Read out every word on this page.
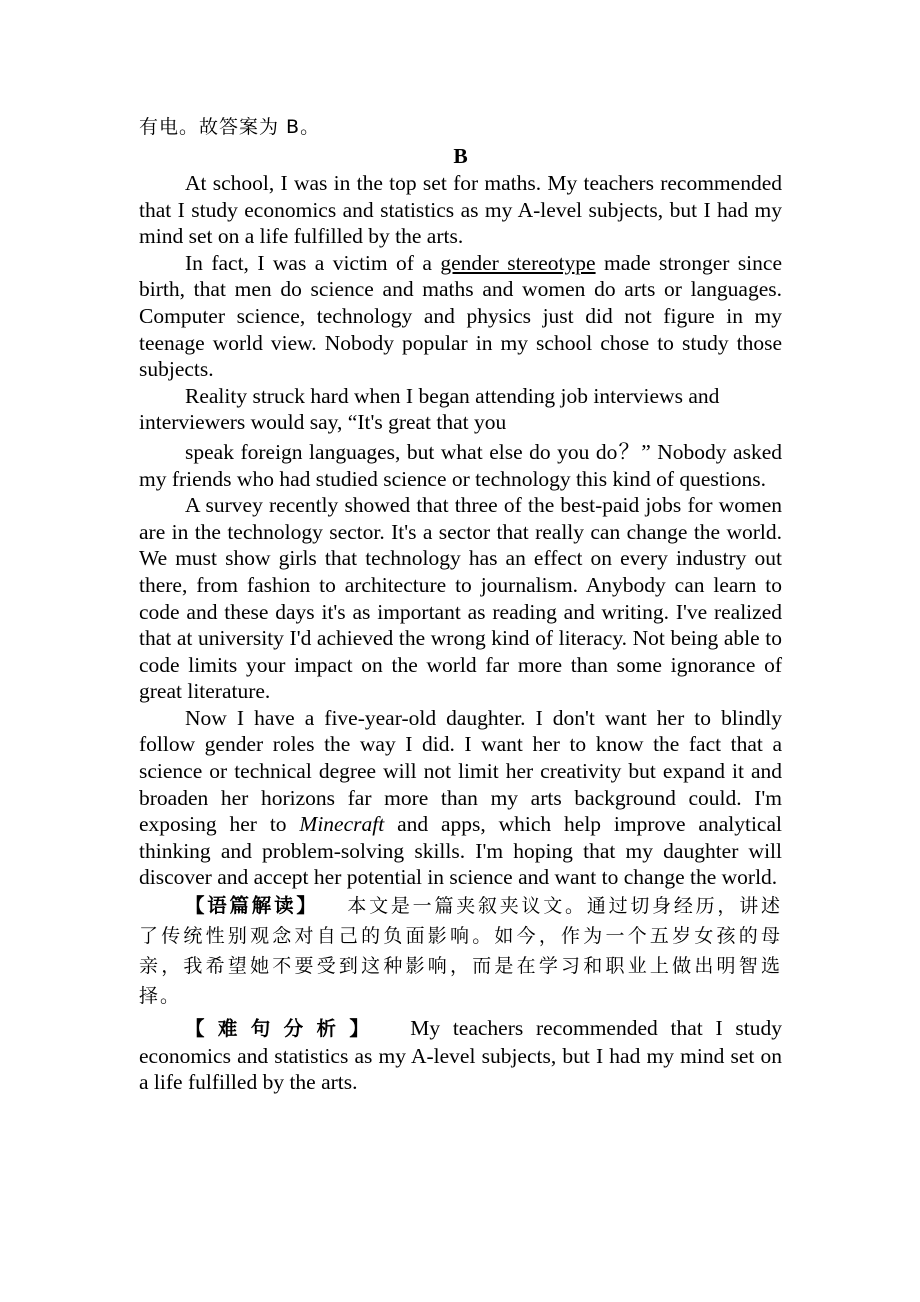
有电。故答案为 B。
B

At school, I was in the top set for maths. My teachers recommended that I study economics and statistics as my A-level subjects, but I had my mind set on a life fulfilled by the arts.

In fact, I was a victim of a gender stereotype made stronger since birth, that men do science and maths and women do arts or languages. Computer science, technology and physics just did not figure in my teenage world view. Nobody popular in my school chose to study those subjects.

Reality struck hard when I began attending job interviews and interviewers would say, “It's great that you

speak foreign languages, but what else do you do？” Nobody asked my friends who had studied science or technology this kind of questions.

A survey recently showed that three of the best-paid jobs for women are in the technology sector. It's a sector that really can change the world. We must show girls that technology has an effect on every industry out there, from fashion to architecture to journalism. Anybody can learn to code and these days it's as important as reading and writing. I've realized that at university I'd achieved the wrong kind of literacy. Not being able to code limits your impact on the world far more than some ignorance of great literature.

Now I have a five-year-old daughter. I don't want her to blindly follow gender roles the way I did. I want her to know the fact that a science or technical degree will not limit her creativity but expand it and broaden her horizons far more than my arts background could. I'm exposing her to Minecraft and apps, which help improve analytical thinking and problem-solving skills. I'm hoping that my daughter will discover and accept her potential in science and want to change the world.

【语篇解读】 本文是一篇夹叙夹议文。通过切身经历，讲述了传统性别观念对自己的负面影响。如今，作为一个五岁女孩的母亲，我希望她不要受到这种影响，而是在学习和职业上做出明智选择。

【难句分析】 My teachers recommended that I study economics and statistics as my A-level subjects, but I had my mind set on a life fulfilled by the arts.
